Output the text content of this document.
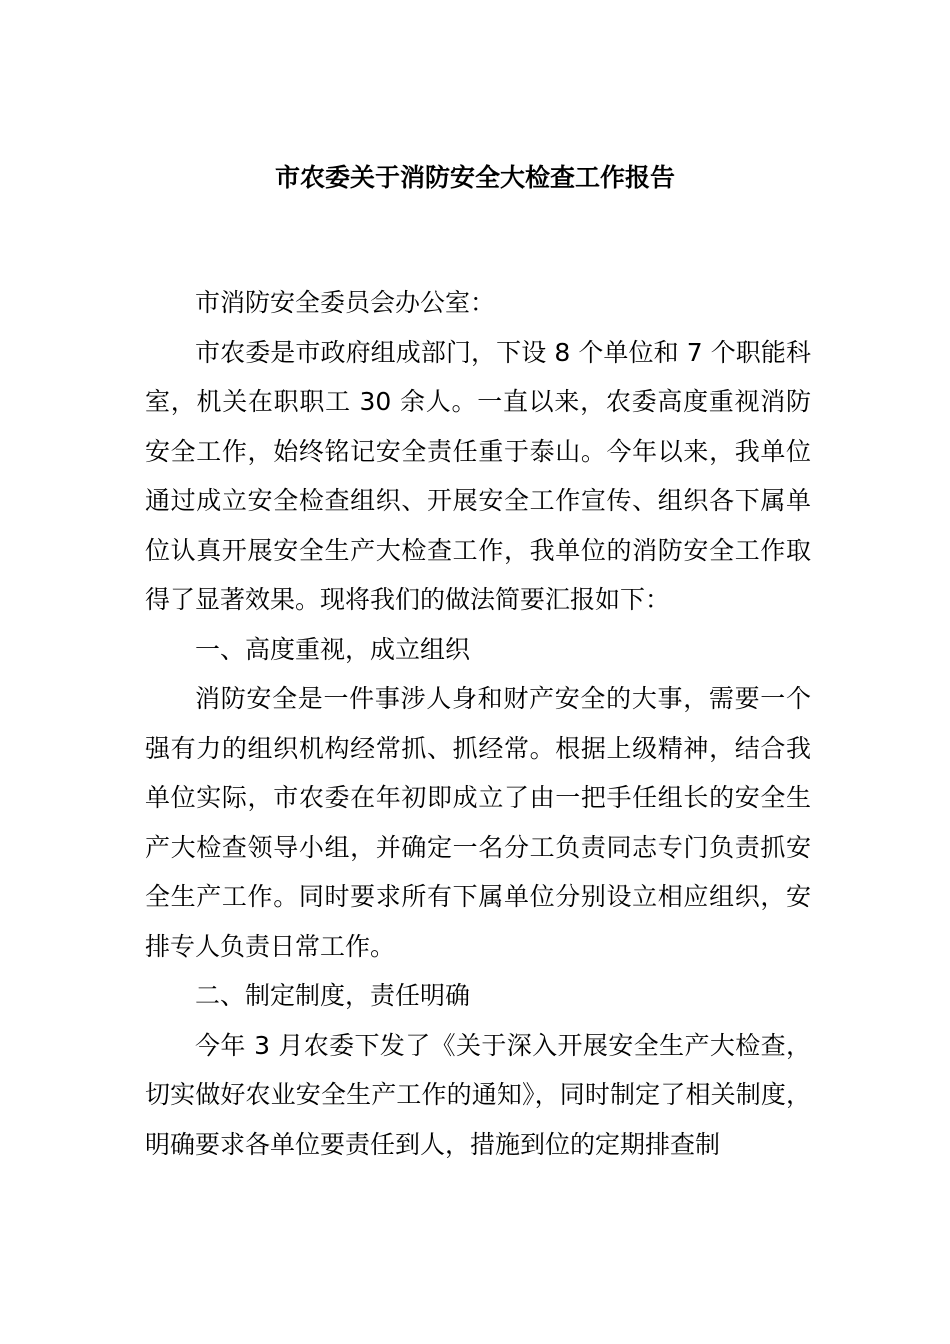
市农委关于消防安全大检查工作报告

市消防安全委员会办公室：

市农委是市政府组成部门，下设 8 个单位和 7 个职能科室，机关在职职工 30 余人。一直以来，农委高度重视消防安全工作，始终铭记安全责任重于泰山。今年以来，我单位通过成立安全检查组织、开展安全工作宣传、组织各下属单位认真开展安全生产大检查工作，我单位的消防安全工作取得了显著效果。现将我们的做法简要汇报如下：

一、高度重视，成立组织

消防安全是一件事涉人身和财产安全的大事，需要一个强有力的组织机构经常抓、抓经常。根据上级精神，结合我单位实际，市农委在年初即成立了由一把手任组长的安全生产大检查领导小组，并确定一名分工负责同志专门负责抓安全生产工作。同时要求所有下属单位分别设立相应组织，安排专人负责日常工作。

二、制定制度，责任明确

今年 3 月农委下发了《关于深入开展安全生产大检查，切实做好农业安全生产工作的通知》，同时制定了相关制度，明确要求各单位要责任到人，措施到位的定期排查制
